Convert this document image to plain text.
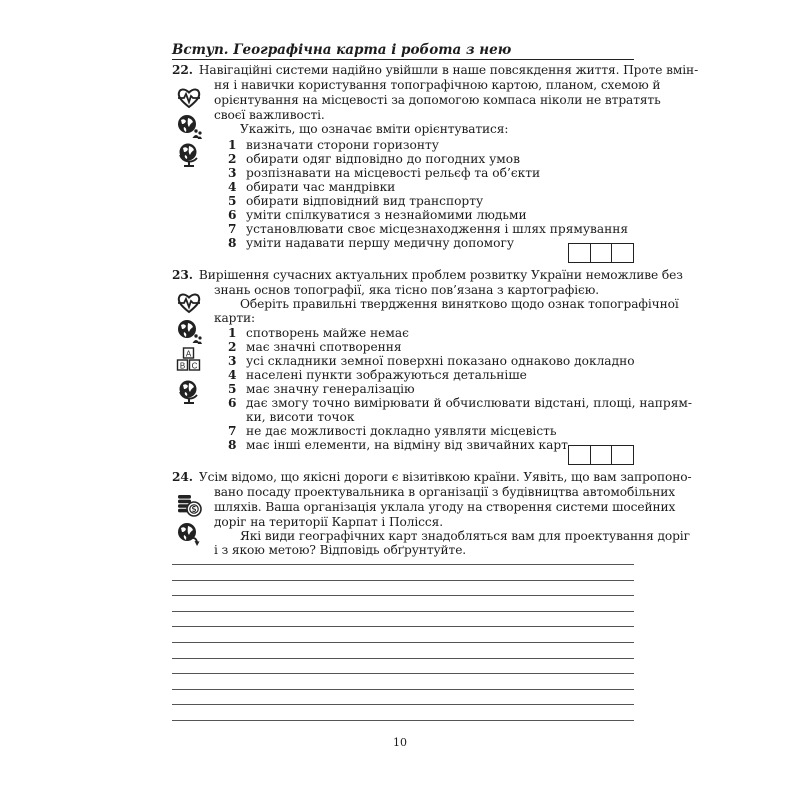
Вступ. Географічна карта і робота з нею
22. Навігаційні системи надійно увійшли в наше повсякдення життя. Проте вмін-
ня і навички користування топографічною картою, планом, схемою й
орієнтування на місцевості за допомогою компаса ніколи не втратять
своєї важливості.
Укажіть, що означає вміти орієнтуватися:
1 визначати сторони горизонту
2 обирати одяг відповідно до погодних умов
3 розпізнавати на місцевості рельєф та об’єкти
4 обирати час мандрівки
5 обирати відповідний вид транспорту
6 уміти спілкуватися з незнайомими людьми
7 установлювати своє місцезнаходження і шлях прямування
8 уміти надавати першу медичну допомогу
23. Вирішення сучасних актуальних проблем розвитку України неможливе без
знань основ топографії, яка тісно пов’язана з картографією.
Оберіть правильні твердження винятково щодо ознак топографічної
карти:
A
B C
1 спотворень майже немає
2 має значні спотворення
3 усі складники земної поверхні показано однаково докладно
4 населені пункти зображуються детальніше
5 має значну генералізацію
6 дає змогу точно вимірювати й обчислювати відстані, площі, напрям-
ки, висоти точок
7 не дає можливості докладно уявляти місцевість
8 має інші елементи, на відміну від звичайних карт
24. Усім відомо, що якісні дороги є візитівкою країни. Уявіть, що вам запропоно-
вано посаду проектувальника в організації з будівництва автомобільних
шляхів. Ваша організація уклала угоду на створення системи шосейних
доріг на території Карпат і Полісся.
Які види географічних карт знадобляться вам для проектування доріг
і з якою метою? Відповідь обґрунтуйте.
10
